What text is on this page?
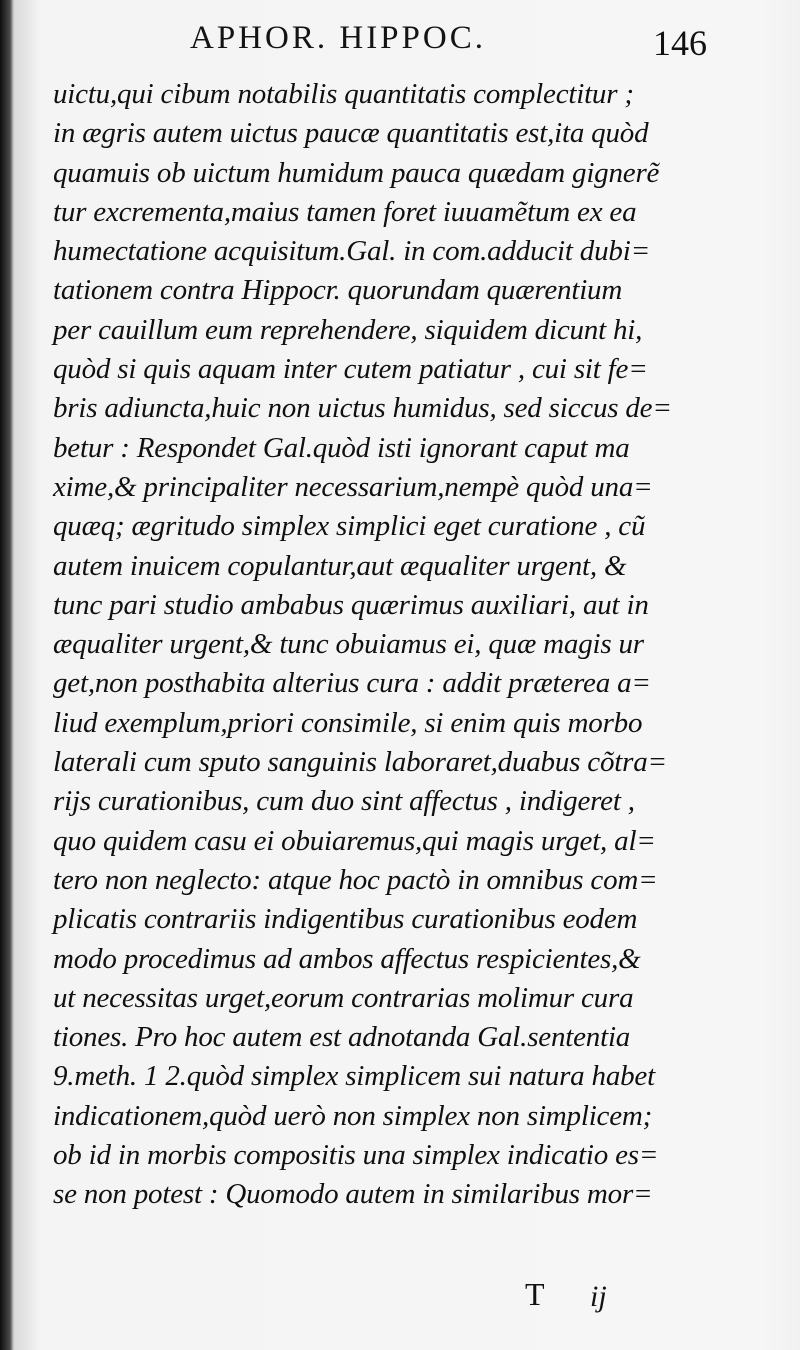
APHOR. HIPPOC.	146
uictu,qui cibum notabilis quantitatis complectitur ;
in ægris autem uictus paucæ quantitatis est,ita quòd
quamuis ob uictum humidum pauca quædam gignerẽ
tur excrementa,maius tamen foret iuuamẽtum ex ea
humectatione acquisitum.Gal. in com.adducit dubi=
tationem contra Hippocr. quorundam quærentium
per cauillum eum reprehendere, siquidem dicunt hi,
quòd si quis aquam inter cutem patiatur , cui sit fe=
bris adiuncta,huic non uictus humidus, sed siccus de=
betur : Respondet Gal.quòd isti ignorant caput ma
xime,& principaliter necessarium,nempè quòd una=
quæq; ægritudo simplex simplici eget curatione , cũ
autem inuicem copulantur,aut æqualiter urgent, &
tunc pari studio ambabus quærimus auxiliari, aut in
æqualiter urgent,& tunc obuiamus ei, quæ magis ur
get,non posthabita alterius cura : addit præterea a=
liud exemplum,priori consimile, si enim quis morbo
laterali cum sputo sanguinis laboraret,duabus cõtra=
rijs curationibus, cum duo sint affectus , indigeret ,
quo quidem casu ei obuiaremus,qui magis urget, al=
tero non neglecto: atque hoc pactò in omnibus com=
plicatis contrariis indigentibus curationibus eodem
modo procedimus ad ambos affectus respicientes,&
ut necessitas urget,eorum contrarias molimur cura
tiones. Pro hoc autem est adnotanda Gal.sententia
9.meth. 1 2.quòd simplex simplicem sui natura habet
indicationem,quòd uerò non simplex non simplicem;
ob id in morbis compositis una simplex indicatio es=
se non potest : Quomodo autem in similaribus mor=
T ij
